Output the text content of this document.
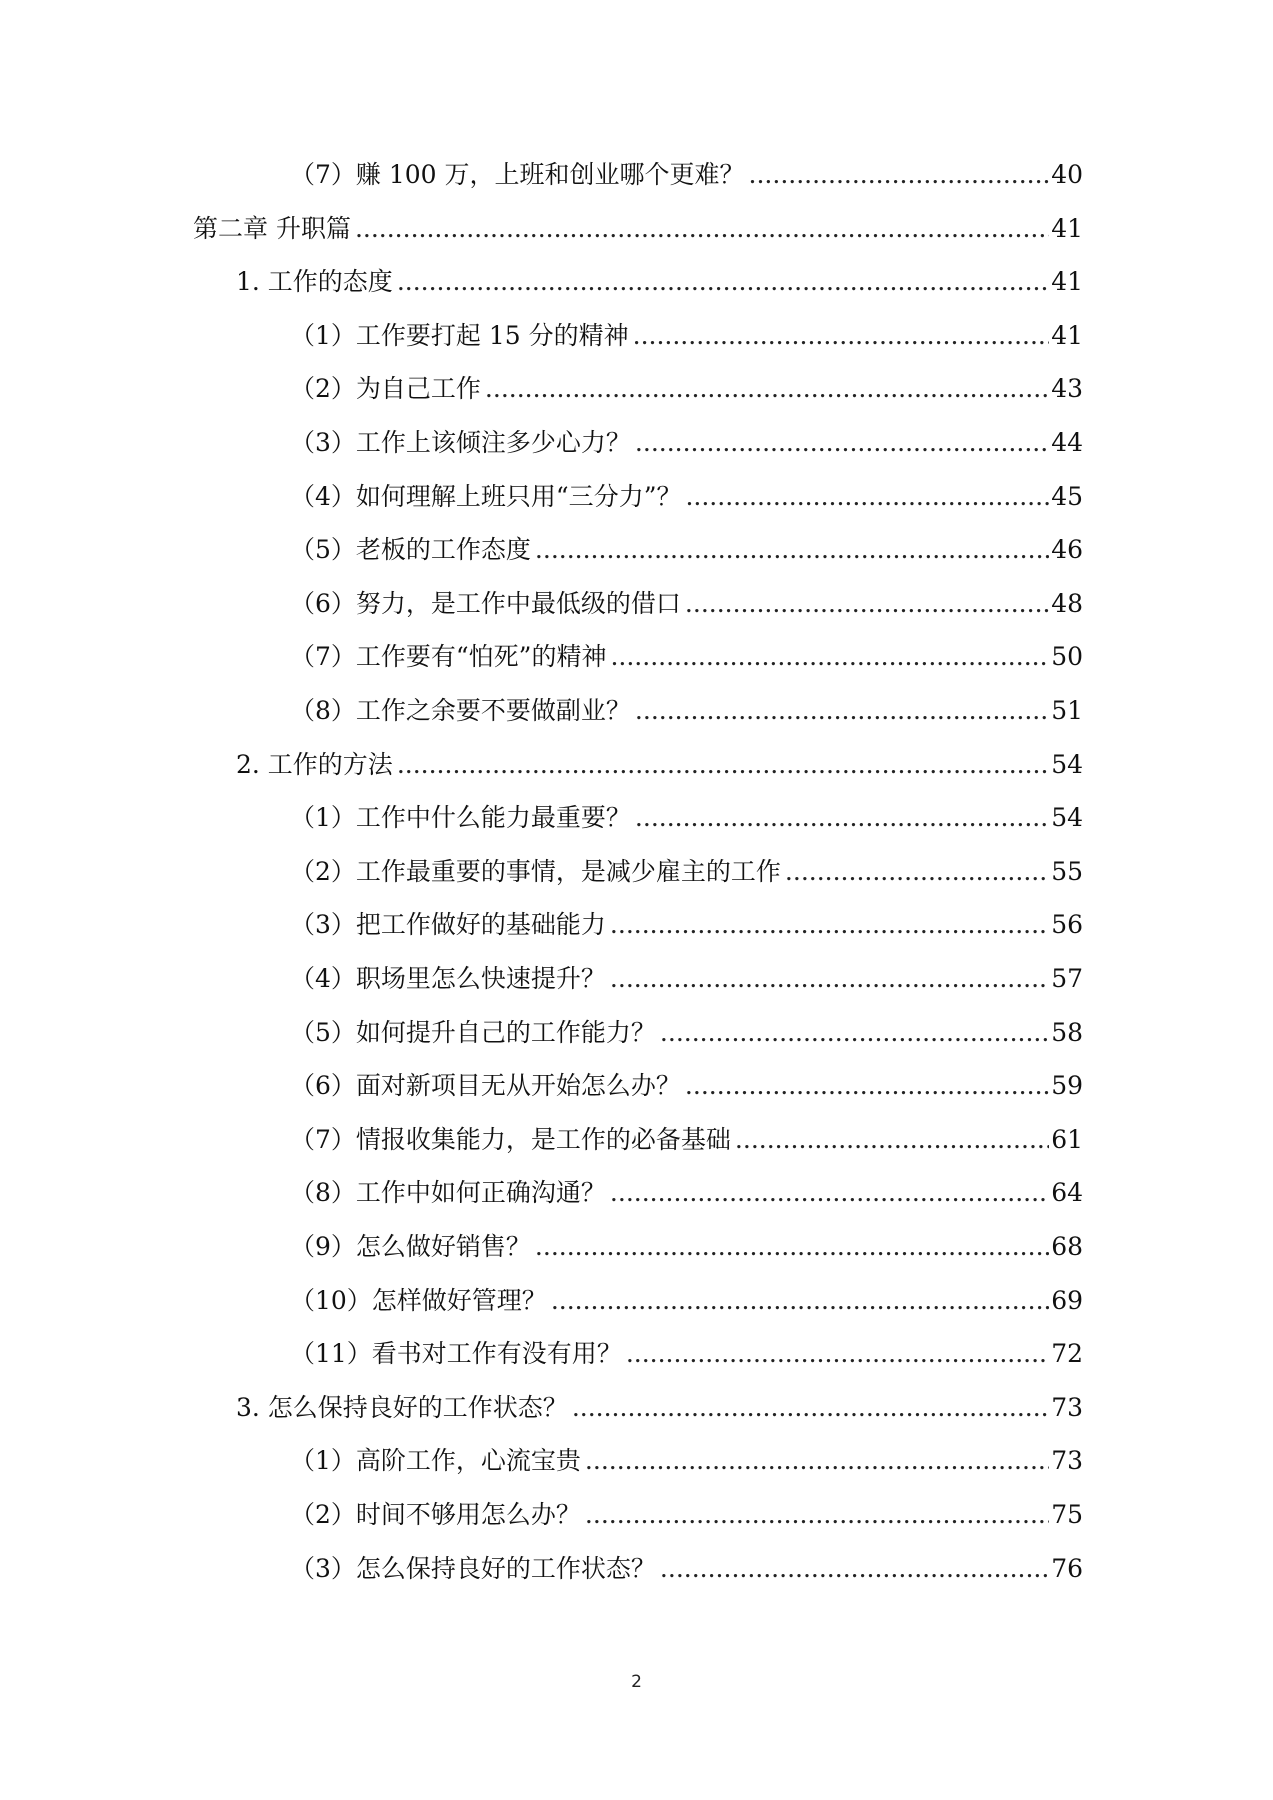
（7）赚 100 万，上班和创业哪个更难？ .....	40
第二章 升职篇 .....	41
1. 工作的态度 .....	41
（1）工作要打起 15 分的精神 .....	41
（2）为自己工作 .....	43
（3）工作上该倾注多少心力？ .....	44
（4）如何理解上班只用“三分力”？ .....	45
（5）老板的工作态度 .....	46
（6）努力，是工作中最低级的借口 .....	48
（7）工作要有“怕死”的精神 .....	50
（8）工作之余要不要做副业？ .....	51
2. 工作的方法 .....	54
（1）工作中什么能力最重要？ .....	54
（2）工作最重要的事情，是减少雇主的工作 .....	55
（3）把工作做好的基础能力 .....	56
（4）职场里怎么快速提升？ .....	57
（5）如何提升自己的工作能力？ .....	58
（6）面对新项目无从开始怎么办？ .....	59
（7）情报收集能力，是工作的必备基础 .....	61
（8）工作中如何正确沟通？ .....	64
（9）怎么做好销售？ .....	68
（10）怎样做好管理？ .....	69
（11）看书对工作有没有用？ .....	72
3. 怎么保持良好的工作状态？ .....	73
（1）高阶工作，心流宝贵 .....	73
（2）时间不够用怎么办？ .....	75
（3）怎么保持良好的工作状态？ .....	76
2
